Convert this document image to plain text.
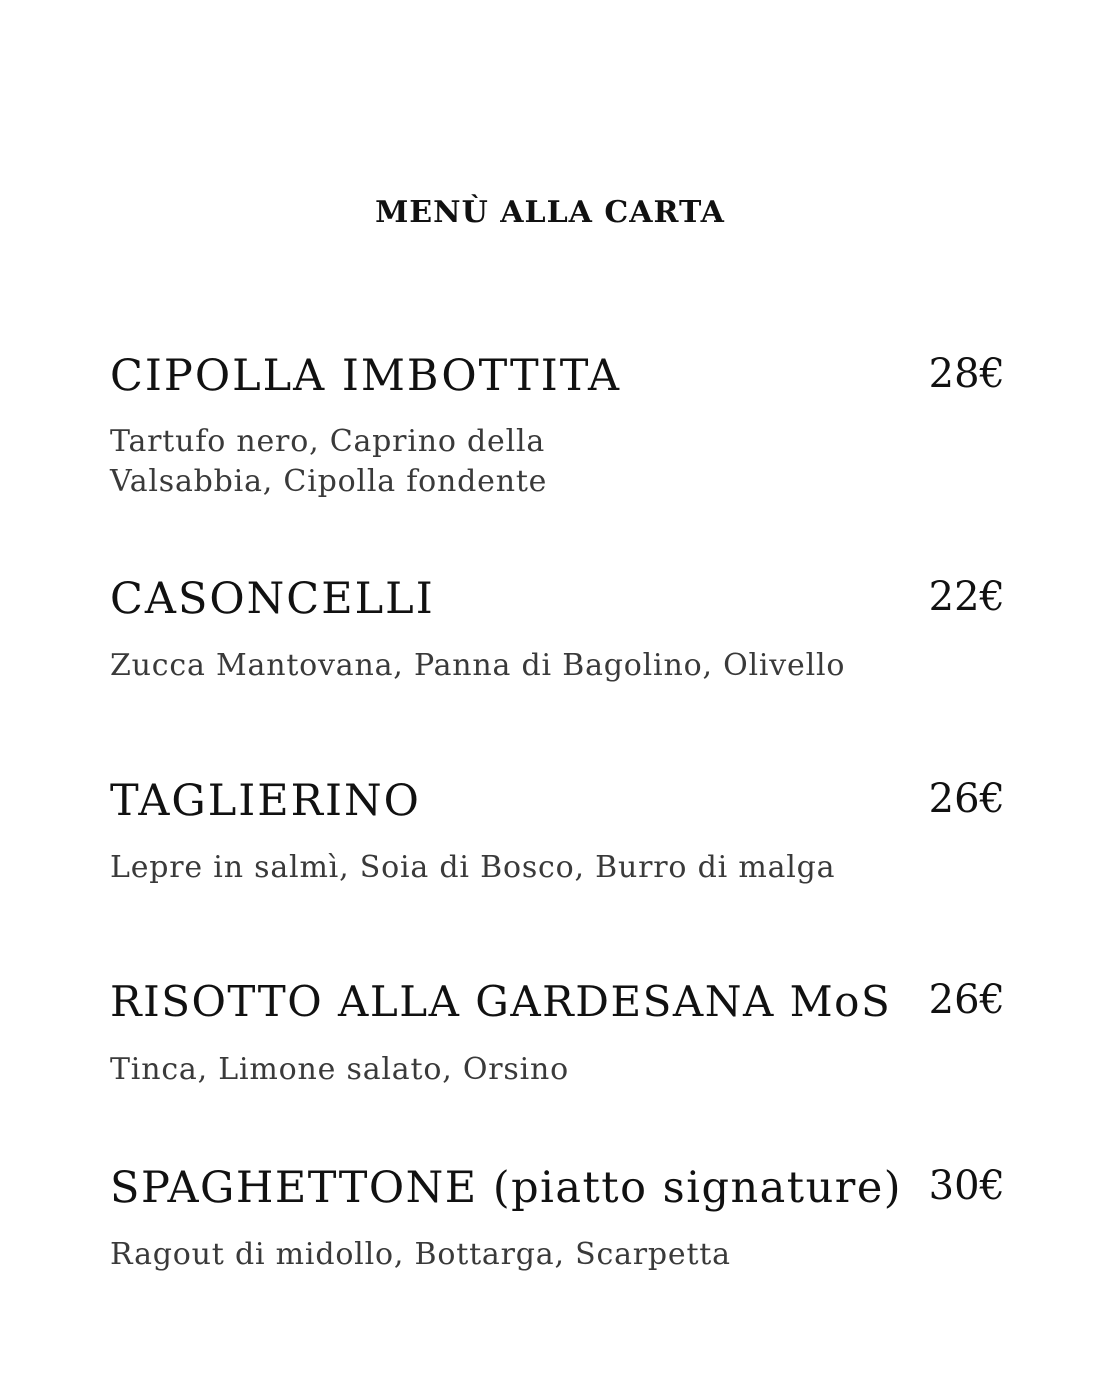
MENÙ ALLA CARTA
CIPOLLA IMBOTTITA	28€
Tartufo nero, Caprino della
Valsabbia, Cipolla fondente
CASONCELLI	22€
Zucca Mantovana, Panna di Bagolino, Olivello
TAGLIERINO	26€
Lepre in salmì, Soia di Bosco, Burro di malga
RISOTTO ALLA GARDESANA MoS 26€
Tinca, Limone salato, Orsino
SPAGHETTONE (piatto signature) 30€
Ragout di midollo, Bottarga, Scarpetta
